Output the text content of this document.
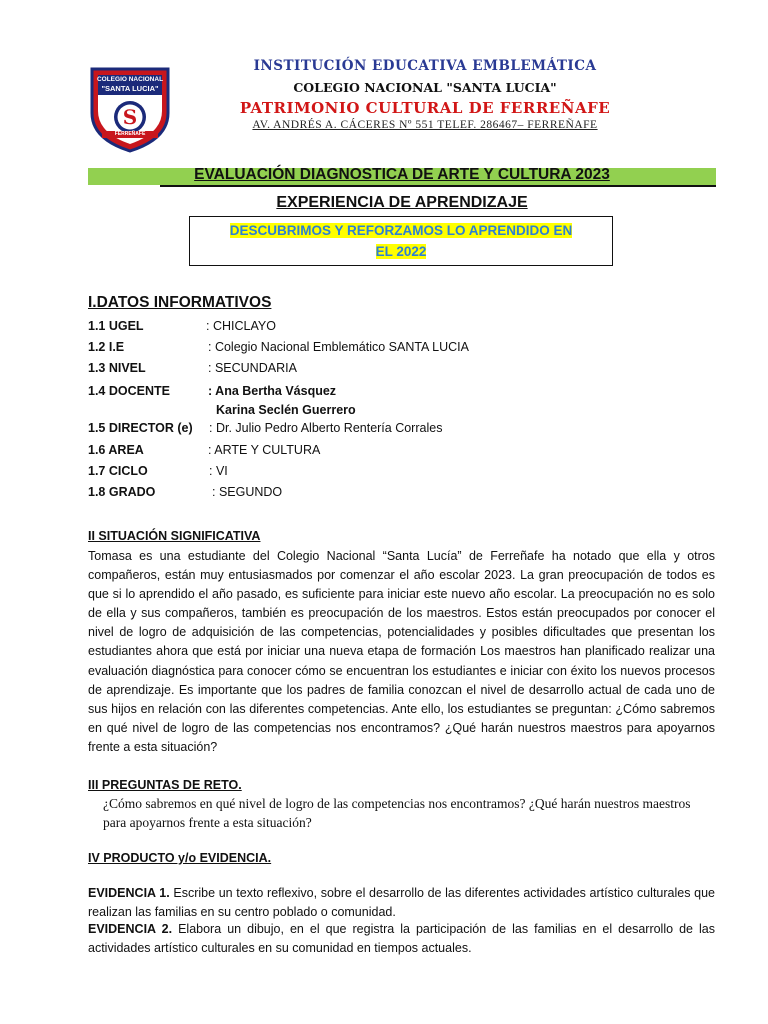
COLEGIO NACIONAL
"SANTA LUCIA"
S
FERREÑAFE
INSTITUCIÓN EDUCATIVA EMBLEMÁTICA
COLEGIO NACIONAL "SANTA LUCIA"
PATRIMONIO CULTURAL DE FERREÑAFE
AV. ANDRÉS A. CÁCERES Nº 551 TELEF. 286467– FERREÑAFE
EVALUACIÓN DIAGNOSTICA DE ARTE Y CULTURA 2023
EXPERIENCIA DE APRENDIZAJE
DESCUBRIMOS Y REFORZAMOS LO APRENDIDO EN
EL 2022
I.DATOS INFORMATIVOS
1.1 UGEL	: CHICLAYO
1.2 I.E	: Colegio Nacional Emblemático SANTA LUCIA
1.3 NIVEL	: SECUNDARIA
1.4 DOCENTE	: Ana Bertha Vásquez
Karina Seclén Guerrero
1.5 DIRECTOR (e) : Dr. Julio Pedro Alberto Rentería Corrales
1.6 AREA	: ARTE Y CULTURA
1.7 CICLO	: VI
1.8 GRADO	: SEGUNDO
II SITUACIÓN SIGNIFICATIVA
Tomasa es una estudiante del Colegio Nacional “Santa Lucía” de Ferreñafe ha notado que ella y otros compañeros, están muy entusiasmados por comenzar el año escolar 2023. La gran preocupación de todos es que si lo aprendido el año pasado, es suficiente para iniciar este nuevo año escolar. La preocupación no es solo de ella y sus compañeros, también es preocupación de los maestros. Estos están preocupados por conocer el nivel de logro de adquisición de las competencias, potencialidades y posibles dificultades que presentan los estudiantes ahora que está por iniciar una nueva etapa de formación Los maestros han planificado realizar una evaluación diagnóstica para conocer cómo se encuentran los estudiantes e iniciar con éxito los nuevos procesos de aprendizaje. Es importante que los padres de familia conozcan el nivel de desarrollo actual de cada uno de sus hijos en relación con las diferentes competencias. Ante ello, los estudiantes se preguntan: ¿Cómo sabremos en qué nivel de logro de las competencias nos encontramos? ¿Qué harán nuestros maestros para apoyarnos frente a esta situación?
III PREGUNTAS DE RETO.
¿Cómo sabremos en qué nivel de logro de las competencias nos encontramos? ¿Qué harán nuestros maestros para apoyarnos frente a esta situación?
IV PRODUCTO y/o EVIDENCIA.
EVIDENCIA 1. Escribe un texto reflexivo, sobre el desarrollo de las diferentes actividades artístico culturales que realizan las familias en su centro poblado o comunidad.
EVIDENCIA 2. Elabora un dibujo, en el que registra la participación de las familias en el desarrollo de las actividades artístico culturales en su comunidad en tiempos actuales.
